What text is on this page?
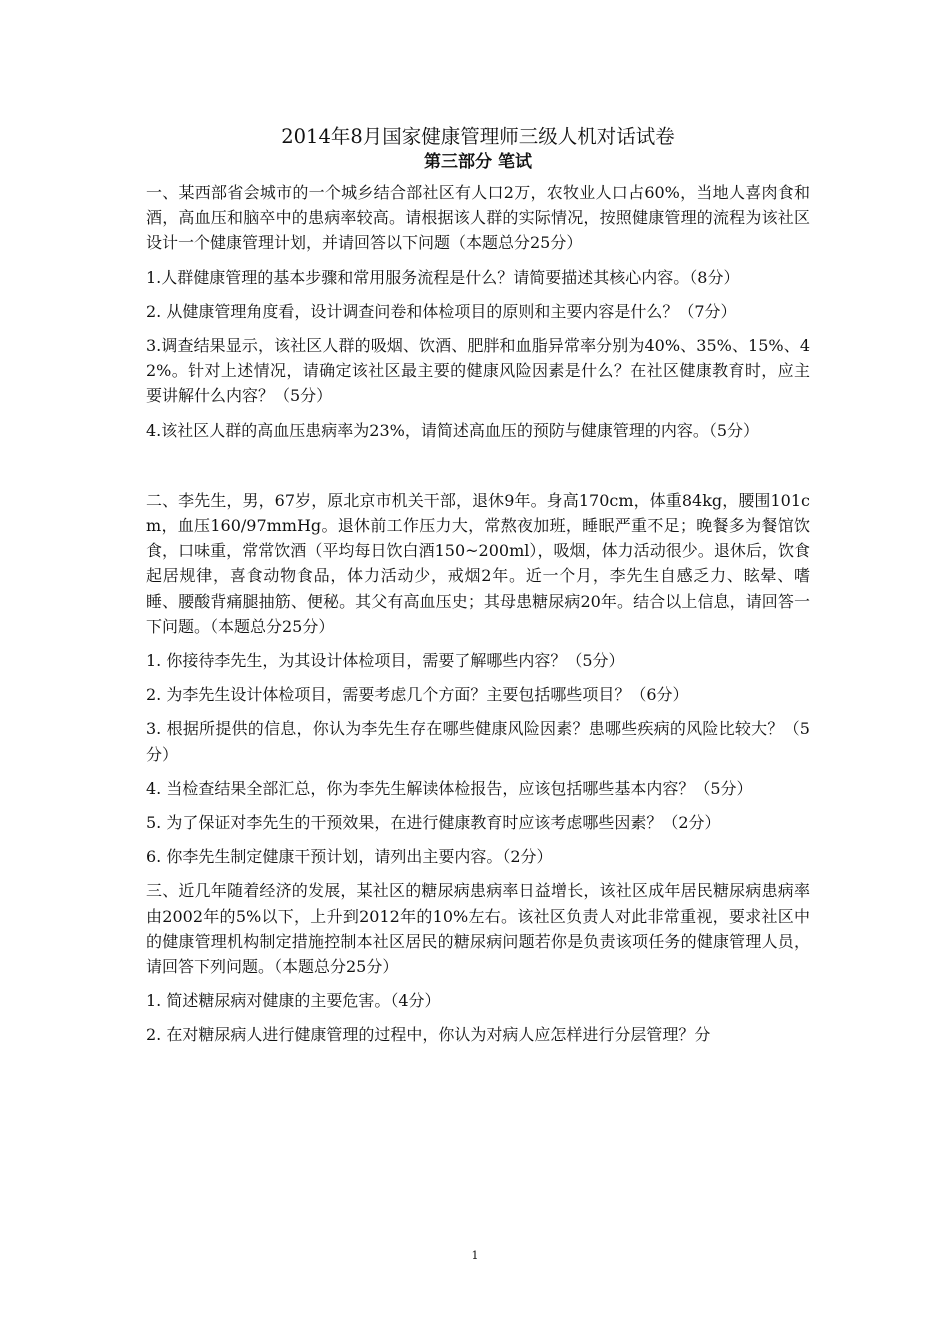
2014年8月国家健康管理师三级人机对话试卷

第三部分 笔试

一、某西部省会城市的一个城乡结合部社区有人口2万，农牧业人口占60%，当地人喜肉食和酒，高血压和脑卒中的患病率较高。请根据该人群的实际情况，按照健康管理的流程为该社区设计一个健康管理计划，并请回答以下问题（本题总分25分）

1.人群健康管理的基本步骤和常用服务流程是什么？请简要描述其核心内容。（8分）

2. 从健康管理角度看，设计调查问卷和体检项目的原则和主要内容是什么？（7分）

3.调查结果显示，该社区人群的吸烟、饮酒、肥胖和血脂异常率分别为40%、35%、15%、42%。针对上述情况，请确定该社区最主要的健康风险因素是什么？在社区健康教育时，应主要讲解什么内容？（5分）

4.该社区人群的高血压患病率为23%，请简述高血压的预防与健康管理的内容。（5分）

二、李先生，男，67岁，原北京市机关干部，退休9年。身高170cm，体重84kg，腰围101cm，血压160/97mmHg。退休前工作压力大，常熬夜加班，睡眠严重不足；晚餐多为餐馆饮食，口味重，常常饮酒（平均每日饮白酒150~200ml），吸烟，体力活动很少。退休后，饮食起居规律，喜食动物食品，体力活动少，戒烟2年。近一个月，李先生自感乏力、眩晕、嗜睡、腰酸背痛腿抽筋、便秘。其父有高血压史；其母患糖尿病20年。结合以上信息，请回答一下问题。（本题总分25分）

1. 你接待李先生，为其设计体检项目，需要了解哪些内容？（5分）

2. 为李先生设计体检项目，需要考虑几个方面？主要包括哪些项目？（6分）

3. 根据所提供的信息，你认为李先生存在哪些健康风险因素？患哪些疾病的风险比较大？（5分）

4. 当检查结果全部汇总，你为李先生解读体检报告，应该包括哪些基本内容？（5分）

5. 为了保证对李先生的干预效果，在进行健康教育时应该考虑哪些因素？（2分）

6. 你李先生制定健康干预计划，请列出主要内容。（2分）

三、近几年随着经济的发展，某社区的糖尿病患病率日益增长，该社区成年居民糖尿病患病率由2002年的5%以下，上升到2012年的10%左右。该社区负责人对此非常重视，要求社区中的健康管理机构制定措施控制本社区居民的糖尿病问题若你是负责该项任务的健康管理人员，请回答下列问题。（本题总分25分）

1. 简述糖尿病对健康的主要危害。（4分）

2. 在对糖尿病人进行健康管理的过程中，你认为对病人应怎样进行分层管理？分

1
